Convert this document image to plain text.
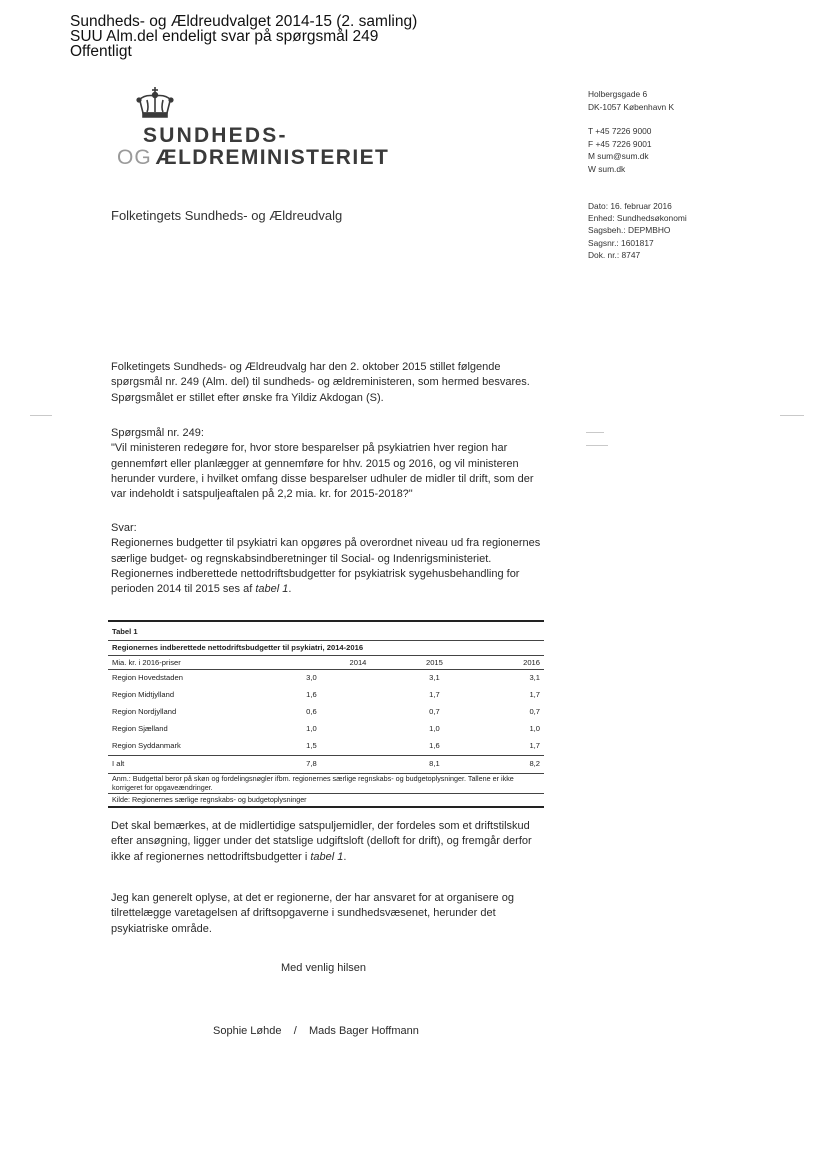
Sundheds- og Ældreudvalget 2014-15 (2. samling)
SUU Alm.del endeligt svar på spørgsmål 249
Offentligt
SUNDHEDS-
OG ÆLDREMINISTERIET
Holbergsgade 6
DK-1057 København K
T +45 7226 9000
F +45 7226 9001
M sum@sum.dk
W sum.dk
Folketingets Sundheds- og Ældreudvalg
Dato: 16. februar 2016
Enhed: Sundhedsøkonomi
Sagsbeh.: DEPMBHO
Sagsnr.: 1601817
Dok. nr.: 8747

Folketingets Sundheds- og Ældreudvalg har den 2. oktober 2015 stillet følgende spørgsmål nr. 249 (Alm. del) til sundheds- og ældreministeren, som hermed besvares. Spørgsmålet er stillet efter ønske fra Yildiz Akdogan (S).

Spørgsmål nr. 249:
"Vil ministeren redegøre for, hvor store besparelser på psykiatrien hver region har gennemført eller planlægger at gennemføre for hhv. 2015 og 2016, og vil ministeren herunder vurdere, i hvilket omfang disse besparelser udhuler de midler til drift, som der var indeholdt i satspuljeaftalen på 2,2 mia. kr. for 2015-2018?"
Svar:
Regionernes budgetter til psykiatri kan opgøres på overordnet niveau ud fra regionernes særlige budget- og regnskabsindberetninger til Social- og Indenrigsministeriet. Regionernes indberettede nettodriftsbudgetter for psykiatrisk sygehusbehandling for perioden 2014 til 2015 ses af tabel 1.
Tabel 1
Regionernes indberettede nettodriftsbudgetter til psykiatri, 2014-2016
Mia. kr. i 2016-priser	2014	2015	2016
Region Hovedstaden	3,0	3,1	3,1
Region Midtjylland	1,6	1,7	1,7
Region Nordjylland	0,6	0,7	0,7
Region Sjælland	1,0	1,0	1,0
Region Syddanmark	1,5	1,6	1,7
I alt	7,8	8,1	8,2
Anm.: Budgettal beror på skøn og fordelingsnøgler ifbm. regionernes særlige regnskabs- og budgetoplysninger. Tallene er ikke korrigeret for opgaveændringer.
Kilde: Regionernes særlige regnskabs- og budgetoplysninger
Det skal bemærkes, at de midlertidige satspuljemidler, der fordeles som et driftstilskud efter ansøgning, ligger under det statslige udgiftsloft (delloft for drift), og fremgår derfor ikke af regionernes nettodriftsbudgetter i tabel 1.

Jeg kan generelt oplyse, at det er regionerne, der har ansvaret for at organisere og tilrettelægge varetagelsen af driftsopgaverne i sundhedsvæsenet, herunder det psykiatriske område.

Med venlig hilsen
Sophie Løhde    /    Mads Bager Hoffmann
